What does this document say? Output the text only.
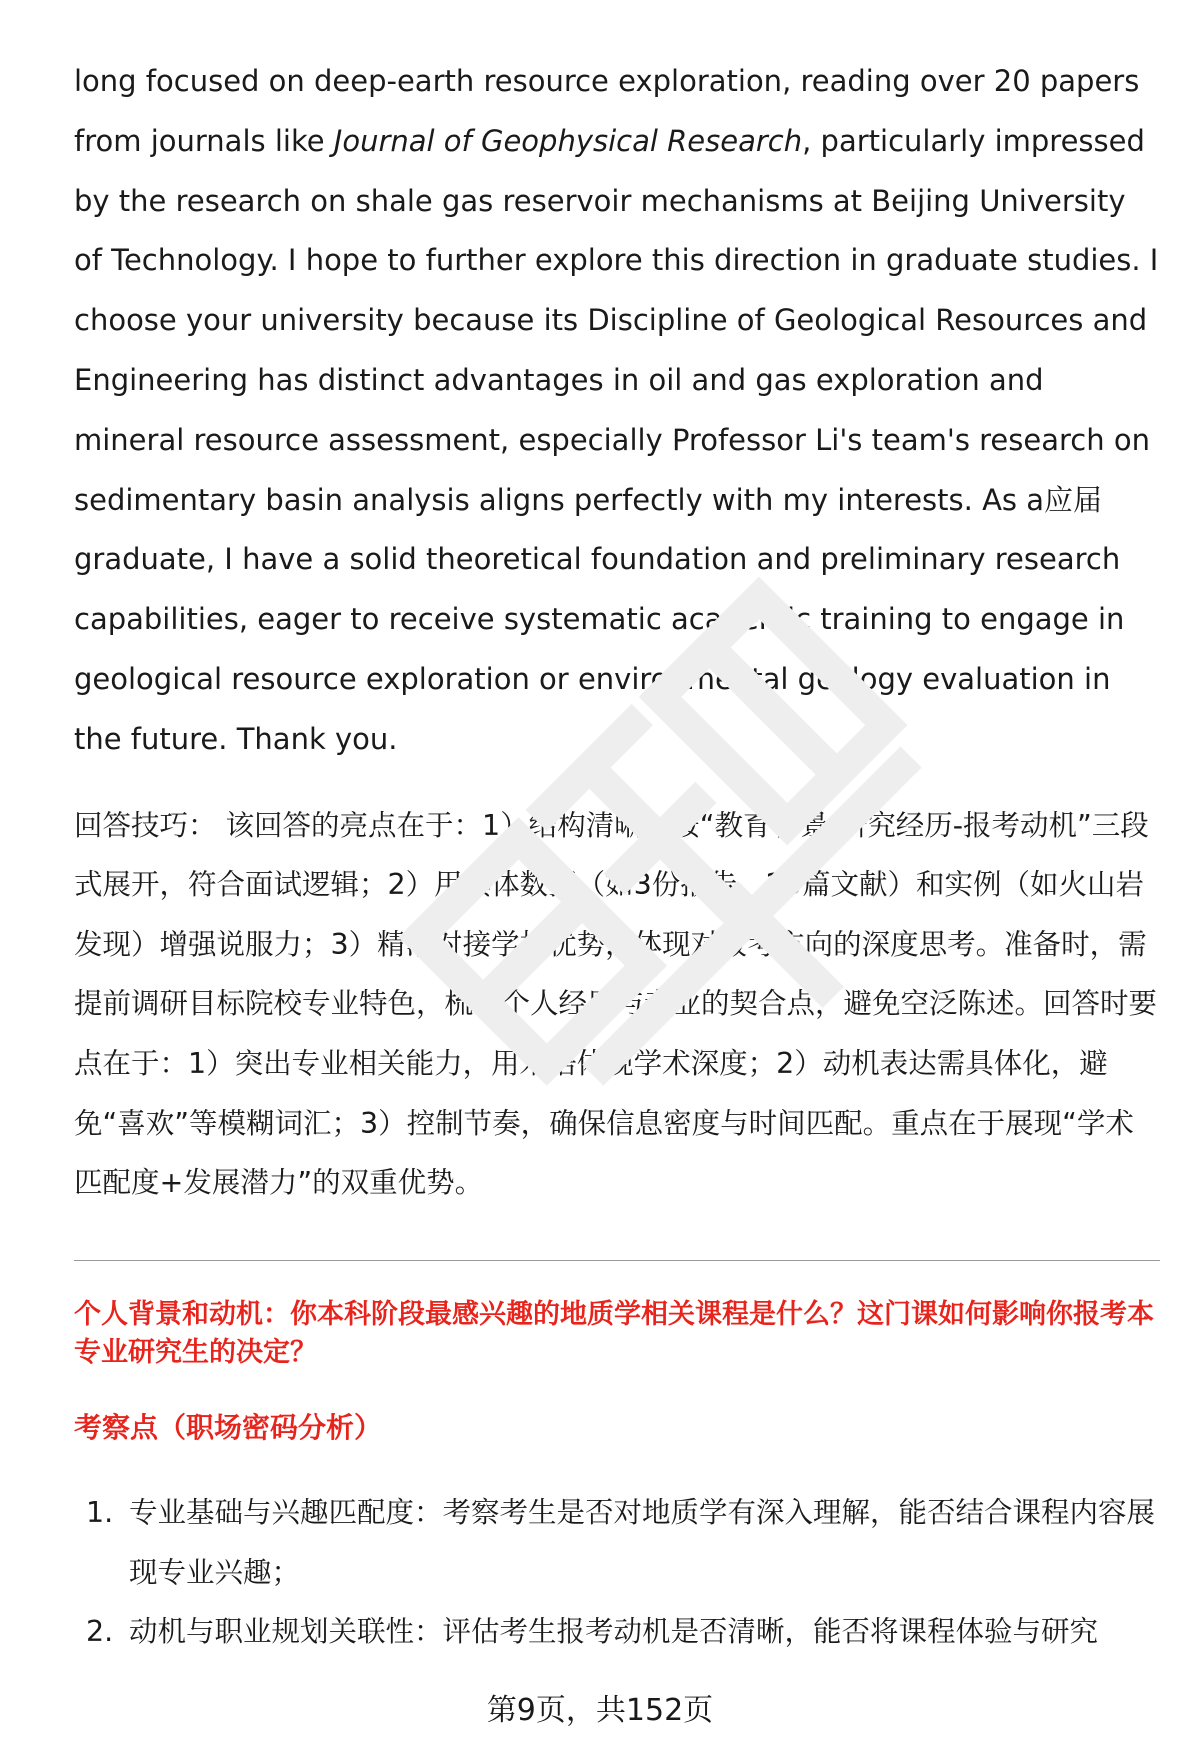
long focused on deep-earth resource exploration, reading over 20 papers from journals like Journal of Geophysical Research, particularly impressed by the research on shale gas reservoir mechanisms at Beijing University of Technology. I hope to further explore this direction in graduate studies. I choose your university because its Discipline of Geological Resources and Engineering has distinct advantages in oil and gas exploration and mineral resource assessment, especially Professor Li's team's research on sedimentary basin analysis aligns perfectly with my interests. As a应届 graduate, I have a solid theoretical foundation and preliminary research capabilities, eager to receive systematic academic training to engage in geological resource exploration or environmental geology evaluation in the future. Thank you.

回答技巧： 该回答的亮点在于：1）结构清晰，按“教育背景-研究经历-报考动机”三段式展开，符合面试逻辑；2）用具体数据（如3份报告、20篇文献）和实例（如火山岩发现）增强说服力；3）精准对接学校优势，体现对报考方向的深度思考。准备时，需提前调研目标院校专业特色，梳理个人经历与专业的契合点，避免空泛陈述。回答时要点在于：1）突出专业相关能力，用术语体现学术深度；2）动机表达需具体化，避免“喜欢”等模糊词汇；3）控制节奏，确保信息密度与时间匹配。重点在于展现“学术匹配度+发展潜力”的双重优势。

个人背景和动机：你本科阶段最感兴趣的地质学相关课程是什么？这门课如何影响你报考本专业研究生的决定？
考察点（职场密码分析）
1. 专业基础与兴趣匹配度：考察考生是否对地质学有深入理解，能否结合课程内容展现专业兴趣；
2. 动机与职业规划关联性：评估考生报考动机是否清晰，能否将课程体验与研究
第9页，共152页
